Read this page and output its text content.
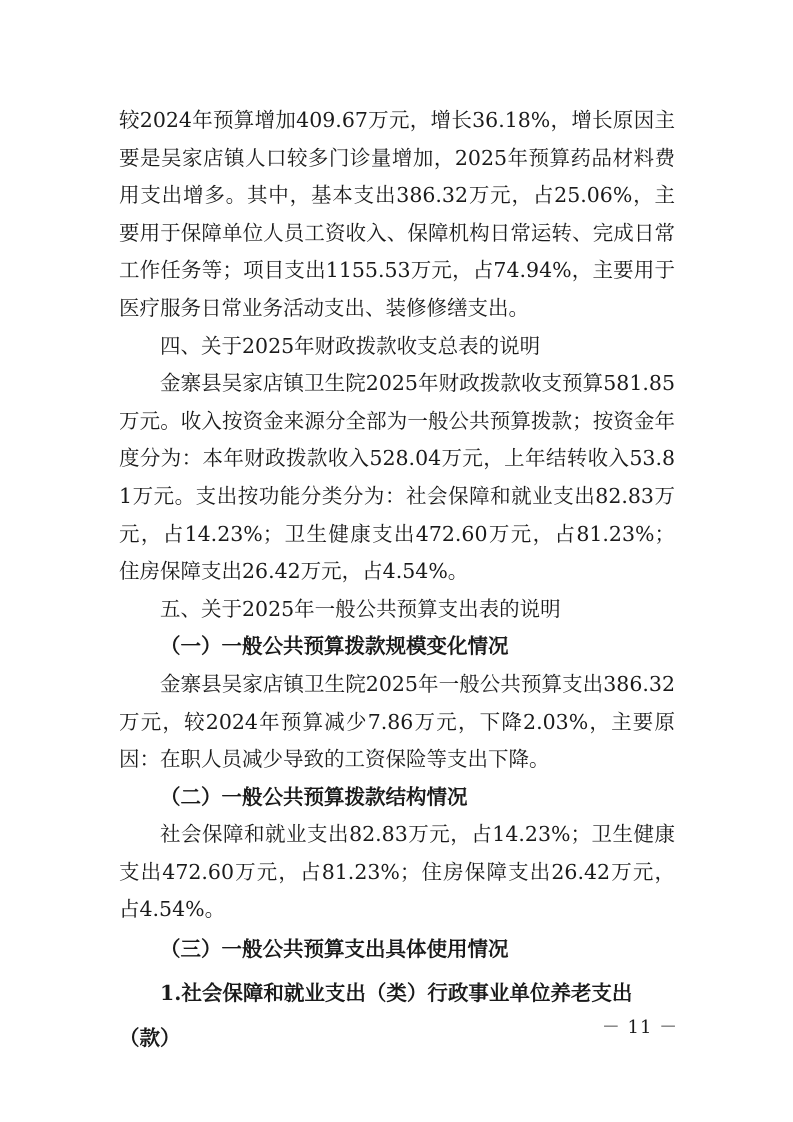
较2024年预算增加409.67万元，增长36.18%，增长原因主要是吴家店镇人口较多门诊量增加，2025年预算药品材料费用支出增多。其中，基本支出386.32万元，占25.06%，主要用于保障单位人员工资收入、保障机构日常运转、完成日常工作任务等；项目支出1155.53万元，占74.94%，主要用于医疗服务日常业务活动支出、装修修缮支出。

四、关于2025年财政拨款收支总表的说明

金寨县吴家店镇卫生院2025年财政拨款收支预算581.85万元。收入按资金来源分全部为一般公共预算拨款；按资金年度分为：本年财政拨款收入528.04万元，上年结转收入53.81万元。支出按功能分类分为：社会保障和就业支出82.83万元，占14.23%；卫生健康支出472.60万元，占81.23%；住房保障支出26.42万元，占4.54%。

五、关于2025年一般公共预算支出表的说明

（一）一般公共预算拨款规模变化情况

金寨县吴家店镇卫生院2025年一般公共预算支出386.32万元，较2024年预算减少7.86万元，下降2.03%，主要原因：在职人员减少导致的工资保险等支出下降。

（二）一般公共预算拨款结构情况

社会保障和就业支出82.83万元，占14.23%；卫生健康支出472.60万元，占81.23%；住房保障支出26.42万元，占4.54%。

（三）一般公共预算支出具体使用情况

1.社会保障和就业支出（类）行政事业单位养老支出（款）	－ 11 －
